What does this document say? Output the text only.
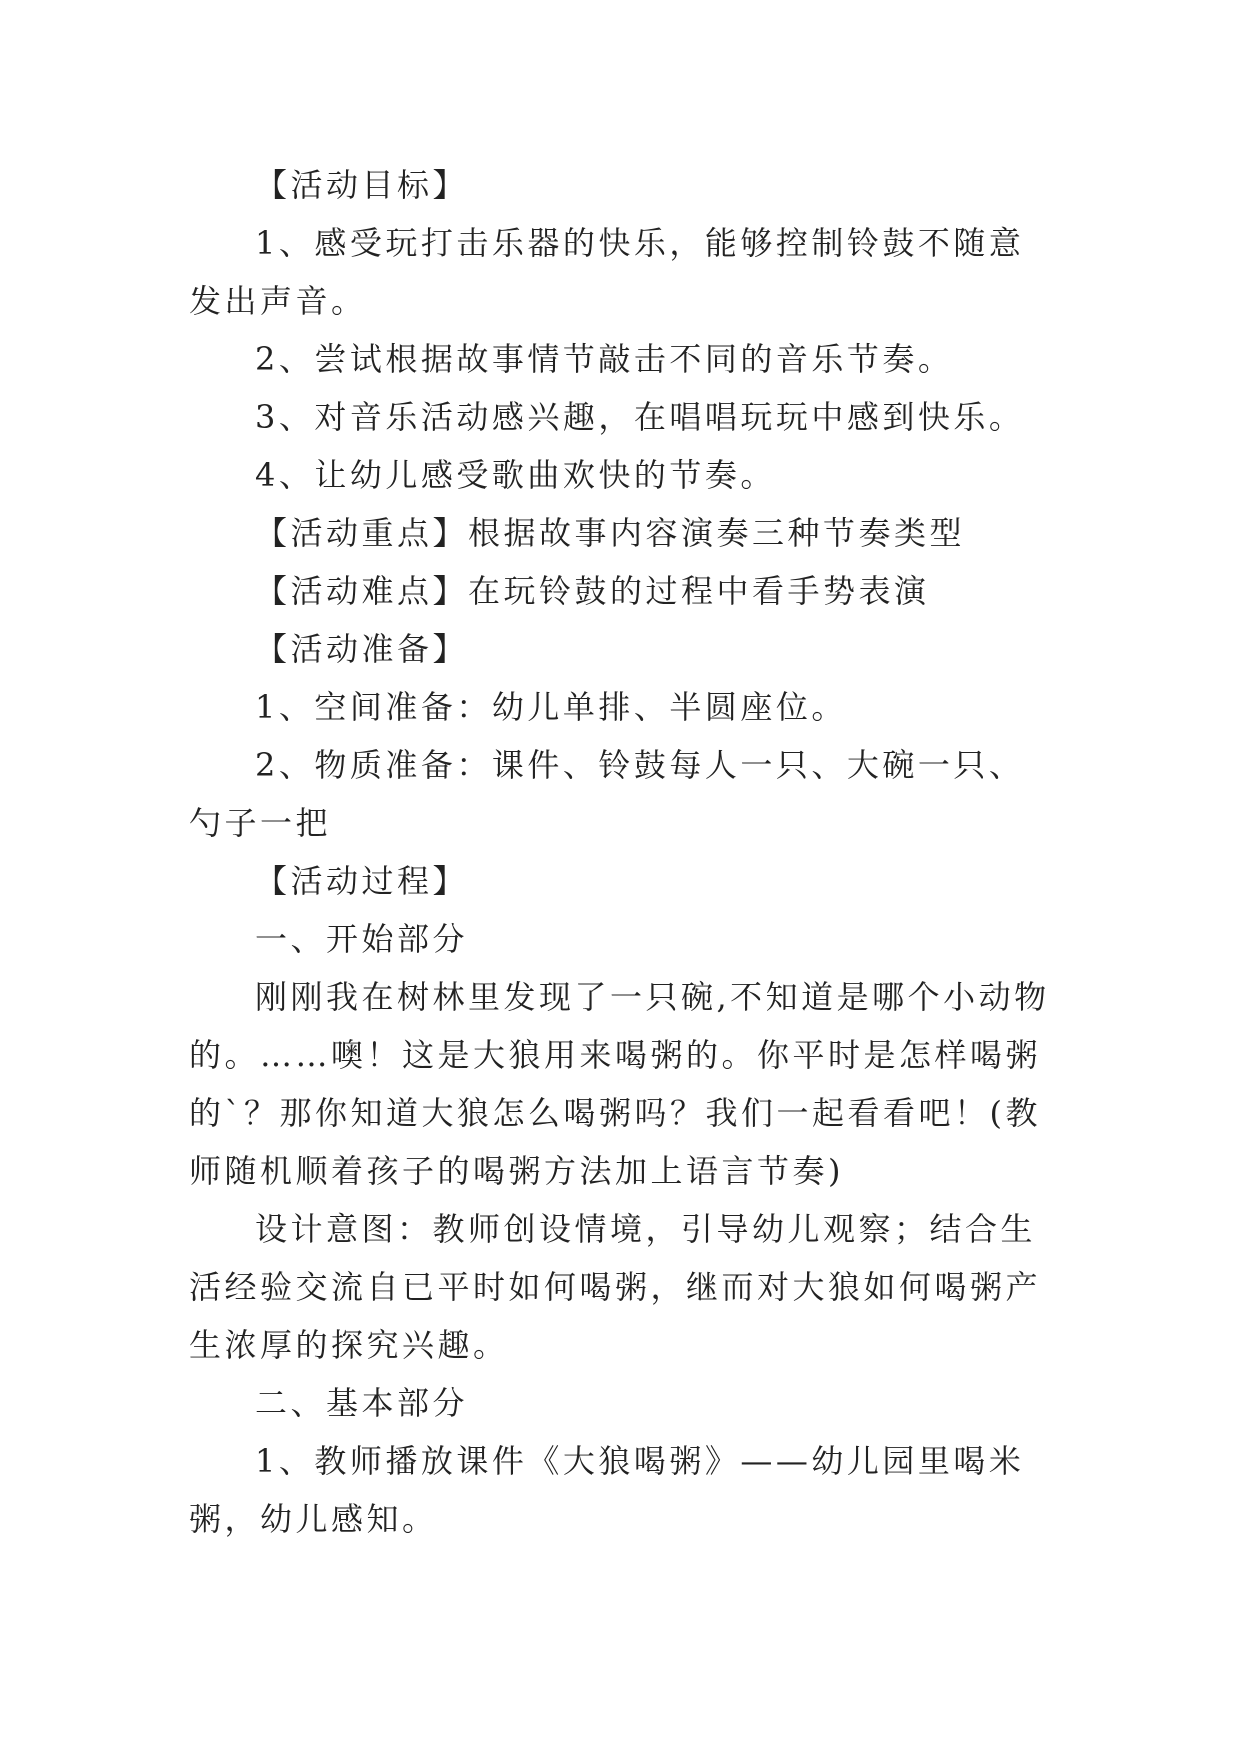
【活动目标】

1、感受玩打击乐器的快乐，能够控制铃鼓不随意发出声音。

2、尝试根据故事情节敲击不同的音乐节奏。

3、对音乐活动感兴趣，在唱唱玩玩中感到快乐。

4、让幼儿感受歌曲欢快的节奏。

【活动重点】根据故事内容演奏三种节奏类型

【活动难点】在玩铃鼓的过程中看手势表演

【活动准备】

1、空间准备：幼儿单排、半圆座位。

2、物质准备：课件、铃鼓每人一只、大碗一只、勺子一把

【活动过程】

一、开始部分

刚刚我在树林里发现了一只碗,不知道是哪个小动物的。……噢！这是大狼用来喝粥的。你平时是怎样喝粥的`？那你知道大狼怎么喝粥吗？我们一起看看吧！(教师随机顺着孩子的喝粥方法加上语言节奏)

设计意图：教师创设情境，引导幼儿观察；结合生活经验交流自已平时如何喝粥，继而对大狼如何喝粥产生浓厚的探究兴趣。

二、基本部分

1、教师播放课件《大狼喝粥》——幼儿园里喝米粥，幼儿感知。
